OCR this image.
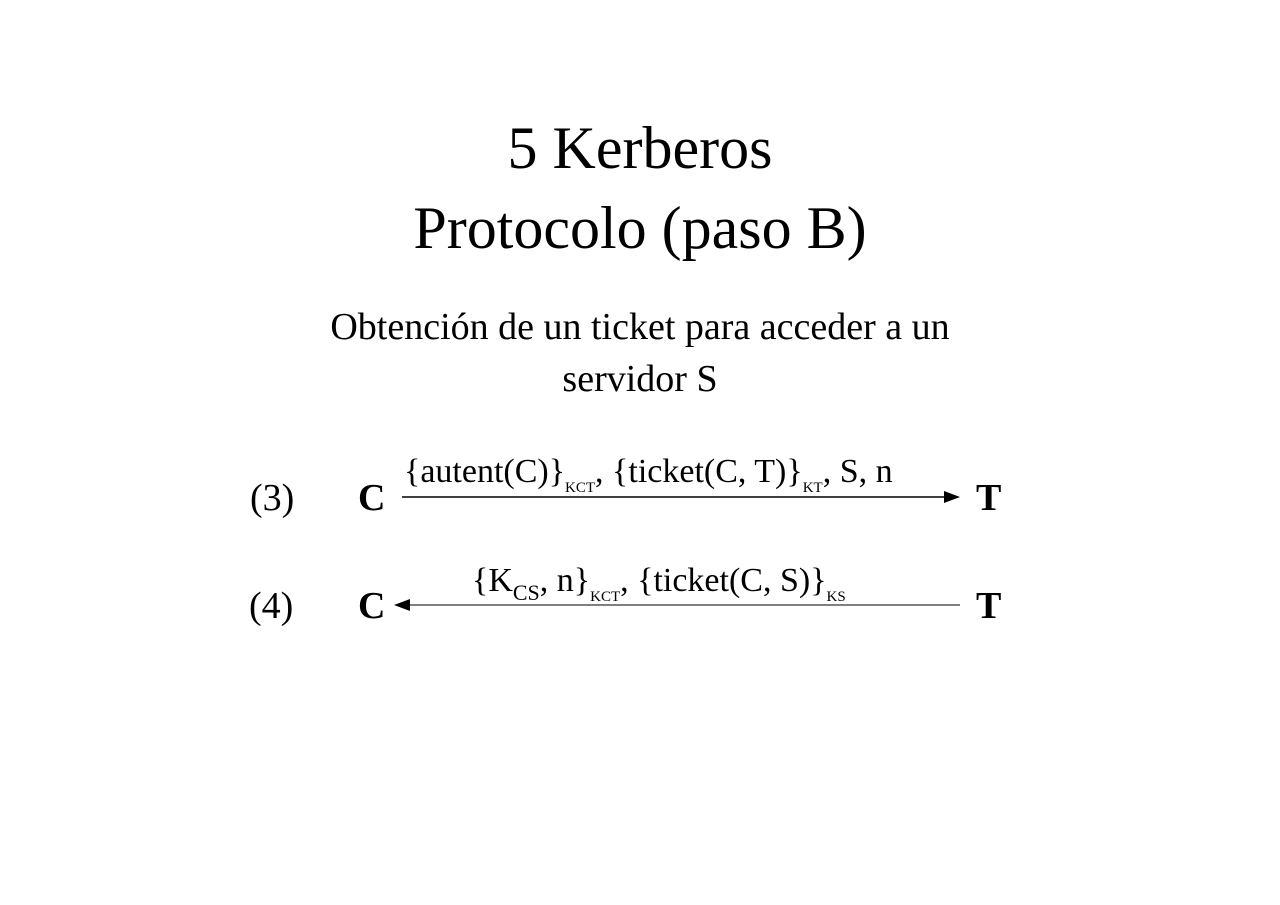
5 Kerberos
Protocolo (paso B)
Obtención de un ticket para acceder a un
servidor S
(3) C	T
$\{autent(C)\}_{KCT}$, {ticket(C, $T)\}_{KT}$, S, n
(4) C	T
{$K_{CS}$, $n\}_{KCT}$, {ticket(C, $S)\}_{KS}$
